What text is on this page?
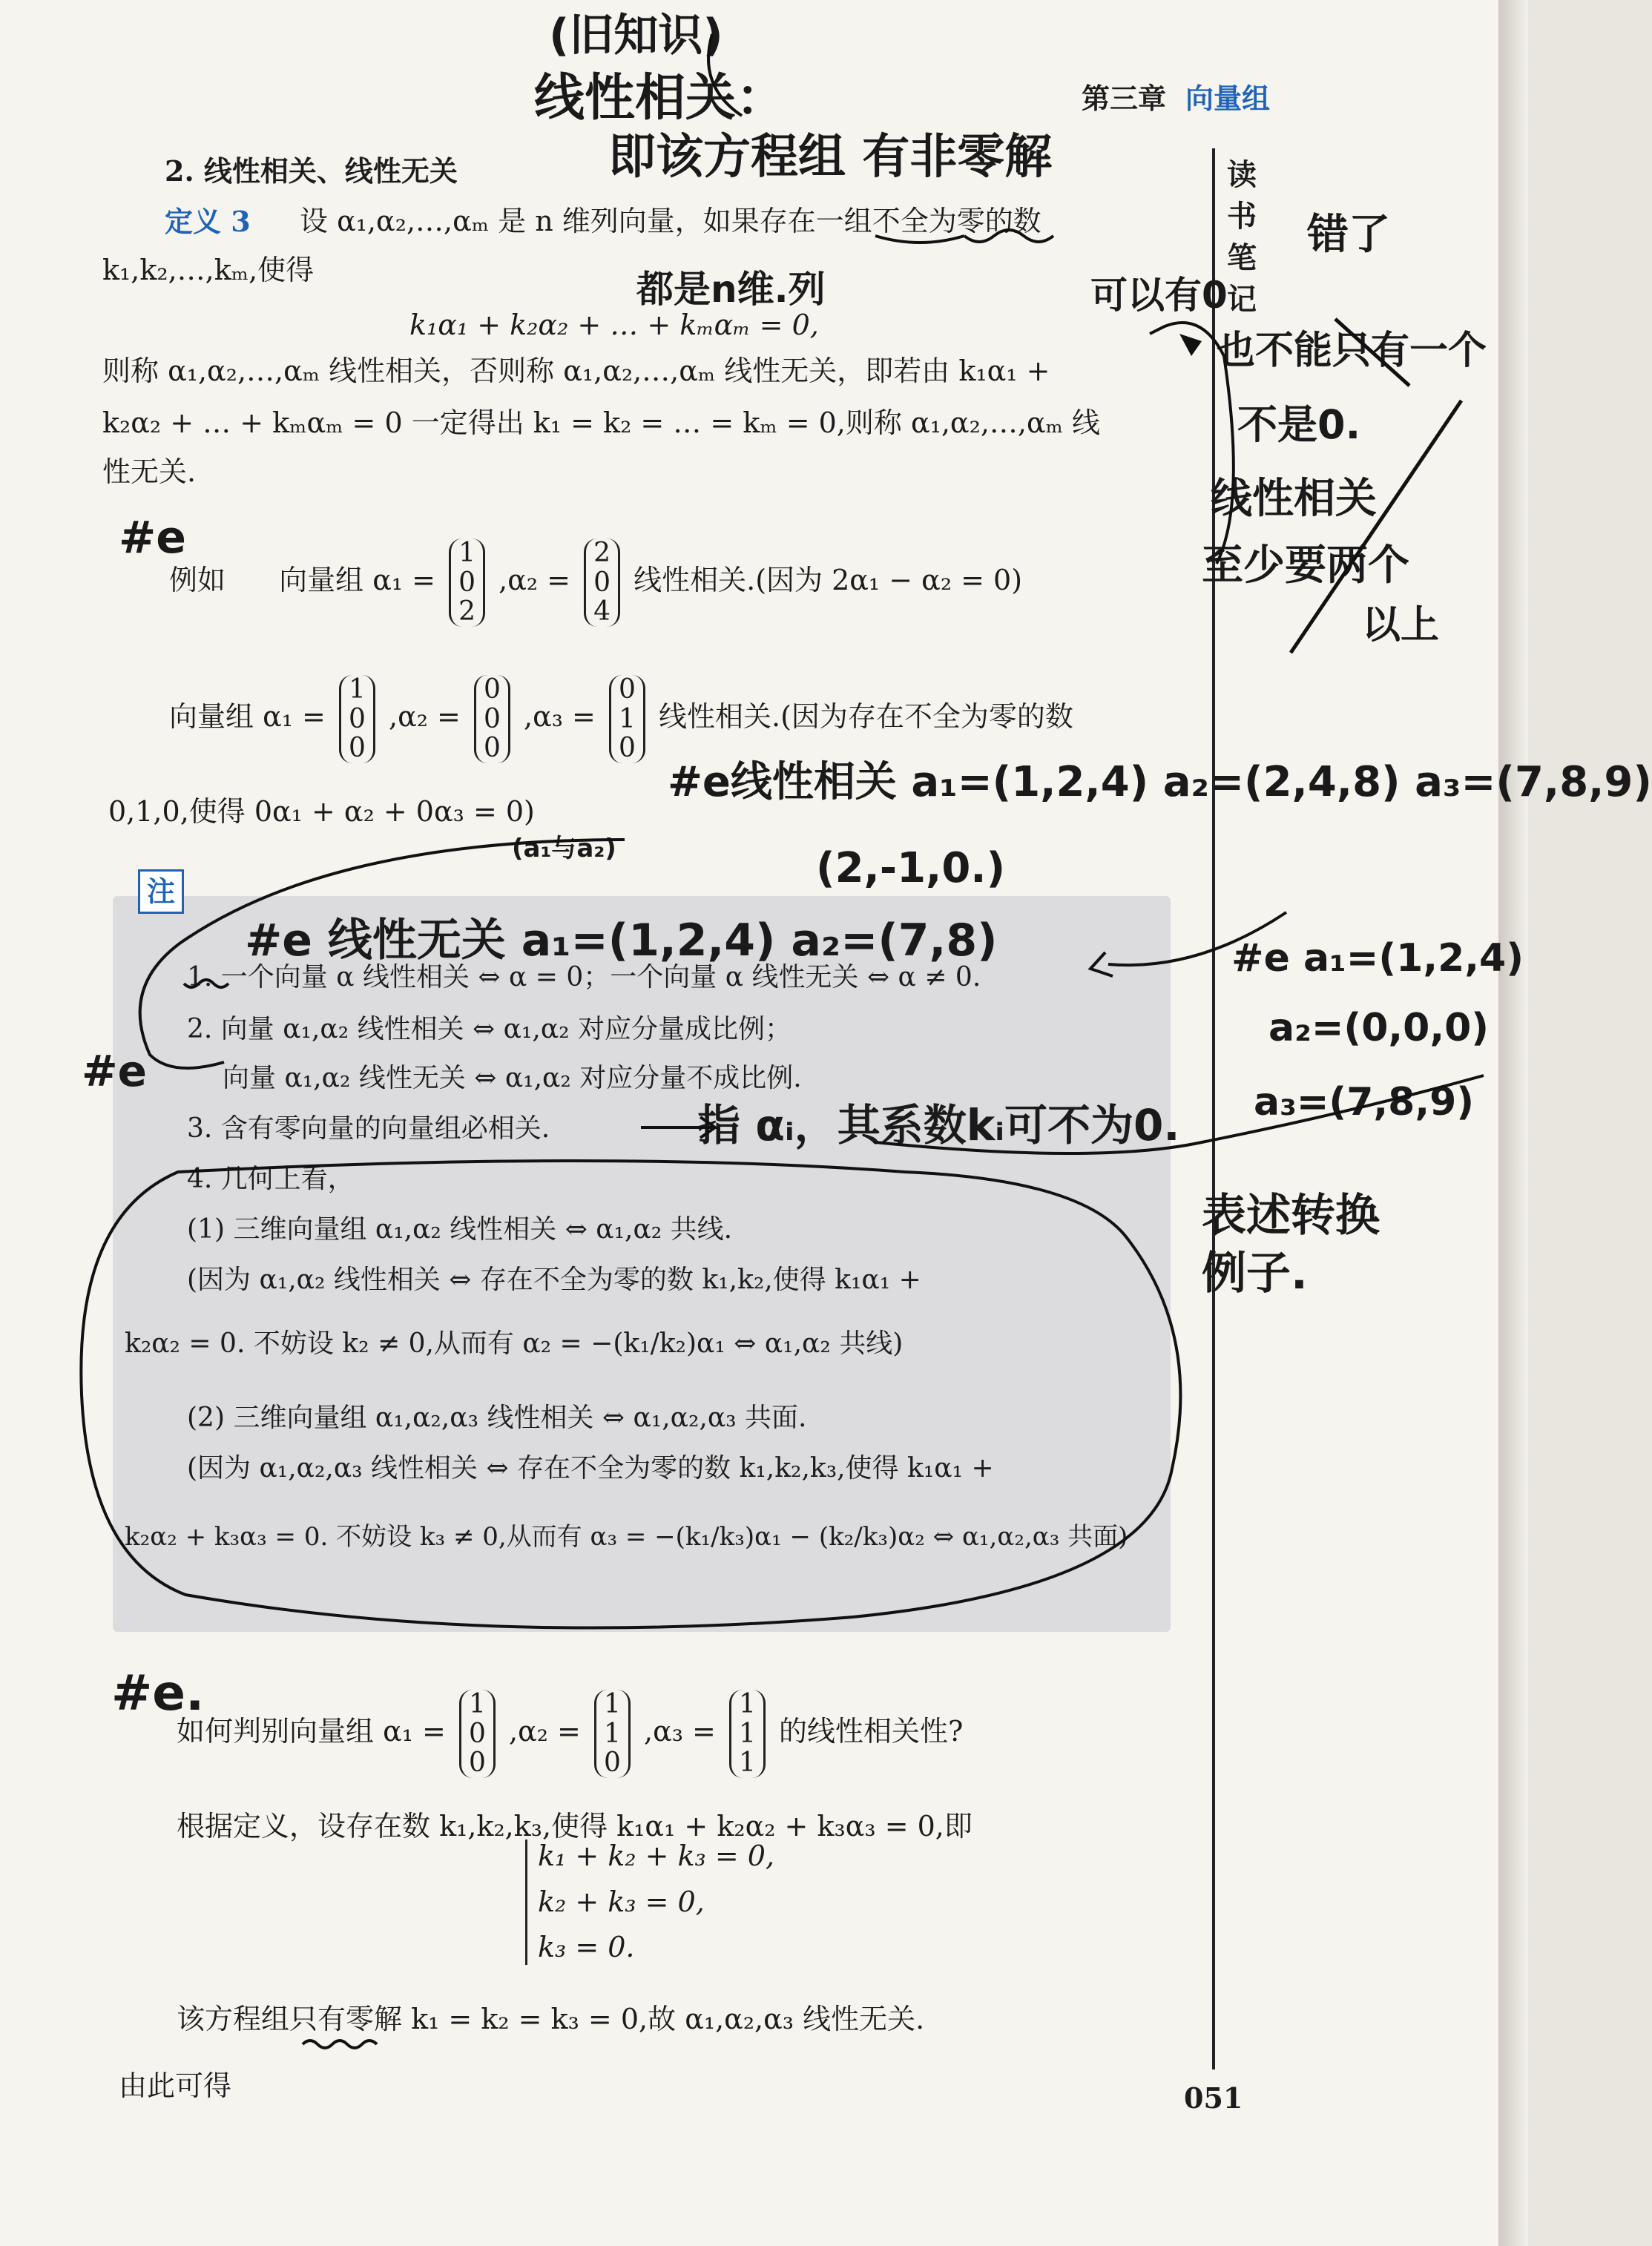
第三章 向量组
读书笔记
2. 线性相关、线性无关
定义 3 设 α₁,α₂,…,αₘ 是 n 维列向量，如果存在一组不全为零的数
k₁,k₂,…,kₘ,使得
k₁α₁ + k₂α₂ + … + kₘαₘ = 0,
则称 α₁,α₂,…,αₘ 线性相关，否则称 α₁,α₂,…,αₘ 线性无关，即若由 k₁α₁ +
k₂α₂ + … + kₘαₘ = 0 一定得出 k₁ = k₂ = … = kₘ = 0,则称 α₁,α₂,…,αₘ 线
性无关.
例如 向量组 α₁ =
1
0
2
,α₂ =
2
0
4
线性相关.(因为 2α₁ − α₂ = 0)
向量组 α₁ =
1
0
0
,α₂ =
0
0
0
,α₃ =
0
1
0
线性相关.(因为存在不全为零的数
0,1,0,使得 0α₁ + α₂ + 0α₃ = 0)
注
1. 一个向量 α 线性相关 ⇔ α = 0；一个向量 α 线性无关 ⇔ α ≠ 0.
2. 向量 α₁,α₂ 线性相关 ⇔ α₁,α₂ 对应分量成比例；
向量 α₁,α₂ 线性无关 ⇔ α₁,α₂ 对应分量不成比例.
3. 含有零向量的向量组必相关.
4. 几何上看，
(1) 三维向量组 α₁,α₂ 线性相关 ⇔ α₁,α₂ 共线.
(因为 α₁,α₂ 线性相关 ⇔ 存在不全为零的数 k₁,k₂,使得 k₁α₁ +
k₂α₂ = 0. 不妨设 k₂ ≠ 0,从而有 α₂ = −(k₁/k₂)α₁ ⇔ α₁,α₂ 共线)
(2) 三维向量组 α₁,α₂,α₃ 线性相关 ⇔ α₁,α₂,α₃ 共面.
(因为 α₁,α₂,α₃ 线性相关 ⇔ 存在不全为零的数 k₁,k₂,k₃,使得 k₁α₁ +
k₂α₂ + k₃α₃ = 0. 不妨设 k₃ ≠ 0,从而有 α₃ = −(k₁/k₃)α₁ − (k₂/k₃)α₂ ⇔ α₁,α₂,α₃ 共面)
如何判别向量组 α₁ =
1
0
0
,α₂ =
1
1
0
,α₃ =
1
1
1
的线性相关性?
根据定义，设存在数 k₁,k₂,k₃,使得 k₁α₁ + k₂α₂ + k₃α₃ = 0,即
k₁ + k₂ + k₃ = 0,
k₂ + k₃ = 0,
k₃ = 0.
该方程组只有零解 k₁ = k₂ = k₃ = 0,故 α₁,α₂,α₃ 线性无关.
由此可得	051
(旧知识)
线性相关：
即该方程组 有非零解
都是n维.列	可以有0
错了
也不能只有一个
不是0.
线性相关
至少要两个
以上
#e
#e线性相关 a₁=(1,2,4) a₂=(2,4,8) a₃=(7,8,9)
(2,-1,0.)
(a₁与a₂)
#e 线性无关 a₁=(1,2,4) a₂=(7,8)	#e a₁=(1,2,4)
a₂=(0,0,0)
a₃=(7,8,9)
#e
指 αᵢ，其系数kᵢ可不为0.
表述转换 例子.
#e.
